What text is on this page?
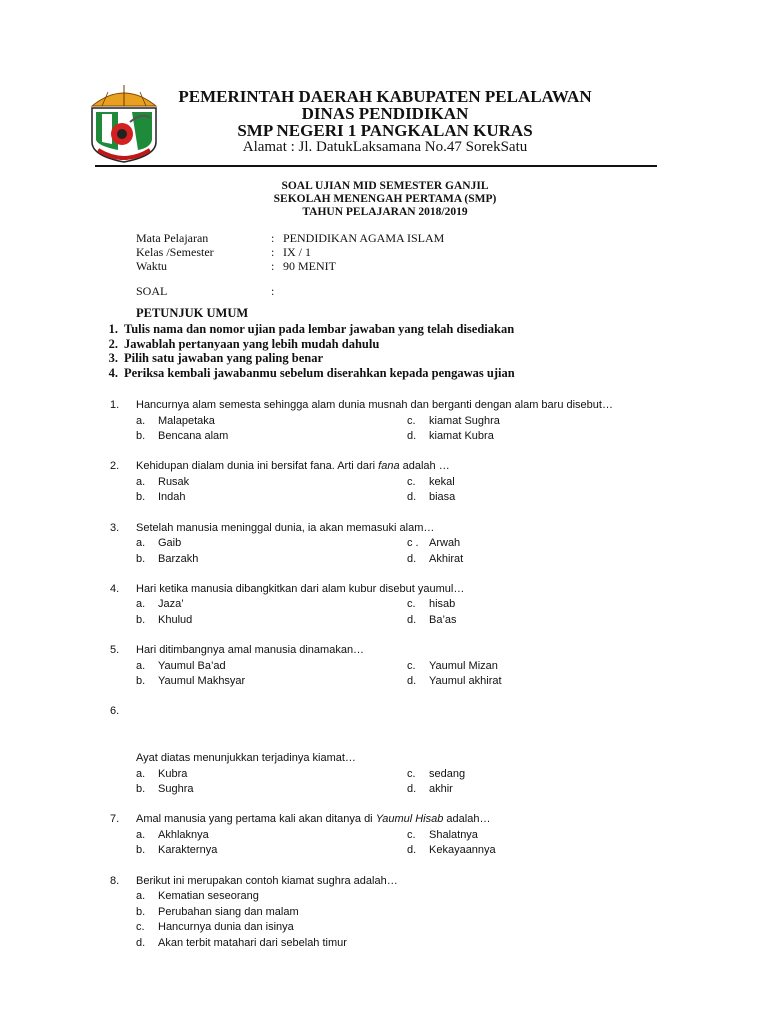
PEMERINTAH DAERAH KABUPATEN PELALAWAN
DINAS PENDIDIKAN
SMP NEGERI 1 PANGKALAN KURAS
Alamat : Jl. DatukLaksamana No.47 SorekSatu
SOAL UJIAN MID SEMESTER GANJIL
SEKOLAH MENENGAH PERTAMA (SMP)
TAHUN PELAJARAN 2018/2019
Mata Pelajaran	: PENDIDIKAN AGAMA ISLAM
Kelas /Semester	: IX / 1
Waktu	: 90 MENIT
SOAL	:
PETUNJUK UMUM
1. Tulis nama dan nomor ujian pada lembar jawaban yang telah disediakan
2. Jawablah pertanyaan yang lebih mudah dahulu
3. Pilih satu jawaban yang paling benar
4. Periksa kembali jawabanmu sebelum diserahkan kepada pengawas ujian
1. Hancurnya alam semesta sehingga alam dunia musnah dan berganti dengan alam baru disebut…
a. Malapetaka	c. kiamat Sughra
b. Bencana alam	d. kiamat Kubra
2. Kehidupan dialam dunia ini bersifat fana. Arti dari fana adalah …
a. Rusak	c. kekal
b. Indah	d. biasa
3. Setelah manusia meninggal dunia, ia akan memasuki alam…
a. Gaib	c . Arwah
b. Barzakh	d. Akhirat
4. Hari ketika manusia dibangkitkan dari alam kubur disebut yaumul…
a. Jaza’	c. hisab
b. Khulud	d. Ba’as
5. Hari ditimbangnya amal manusia dinamakan…
a. Yaumul Ba’ad	c. Yaumul Mizan
b. Yaumul Makhsyar	d. Yaumul akhirat
6.
Ayat diatas menunjukkan terjadinya kiamat…
a. Kubra	c. sedang
b. Sughra	d. akhir
7. Amal manusia yang pertama kali akan ditanya di Yaumul Hisab adalah…
a. Akhlaknya	c. Shalatnya
b. Karakternya	d. Kekayaannya
8. Berikut ini merupakan contoh kiamat sughra adalah…
a. Kematian seseorang
b. Perubahan siang dan malam
c. Hancurnya dunia dan isinya
d. Akan terbit matahari dari sebelah timur
